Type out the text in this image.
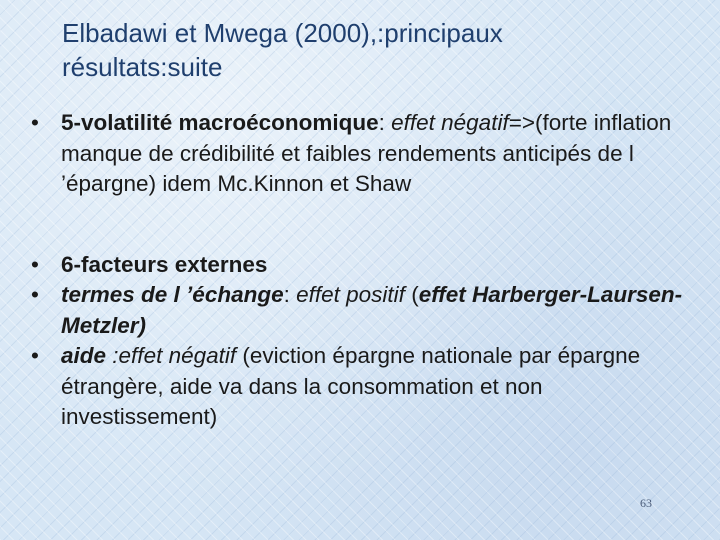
Elbadawi et Mwega (2000),:principaux
résultats:suite
• 5-volatilité macroéconomique: effet négatif=>(forte inflation manque de crédibilité et faibles rendements anticipés de l ’épargne) idem Mc.Kinnon et Shaw
• 6-facteurs externes
• termes de l ’échange: effet positif (effet Harberger-Laursen-Metzler)
• aide :effet négatif (eviction épargne nationale par épargne étrangère, aide va dans la consommation et non investissement)
63
